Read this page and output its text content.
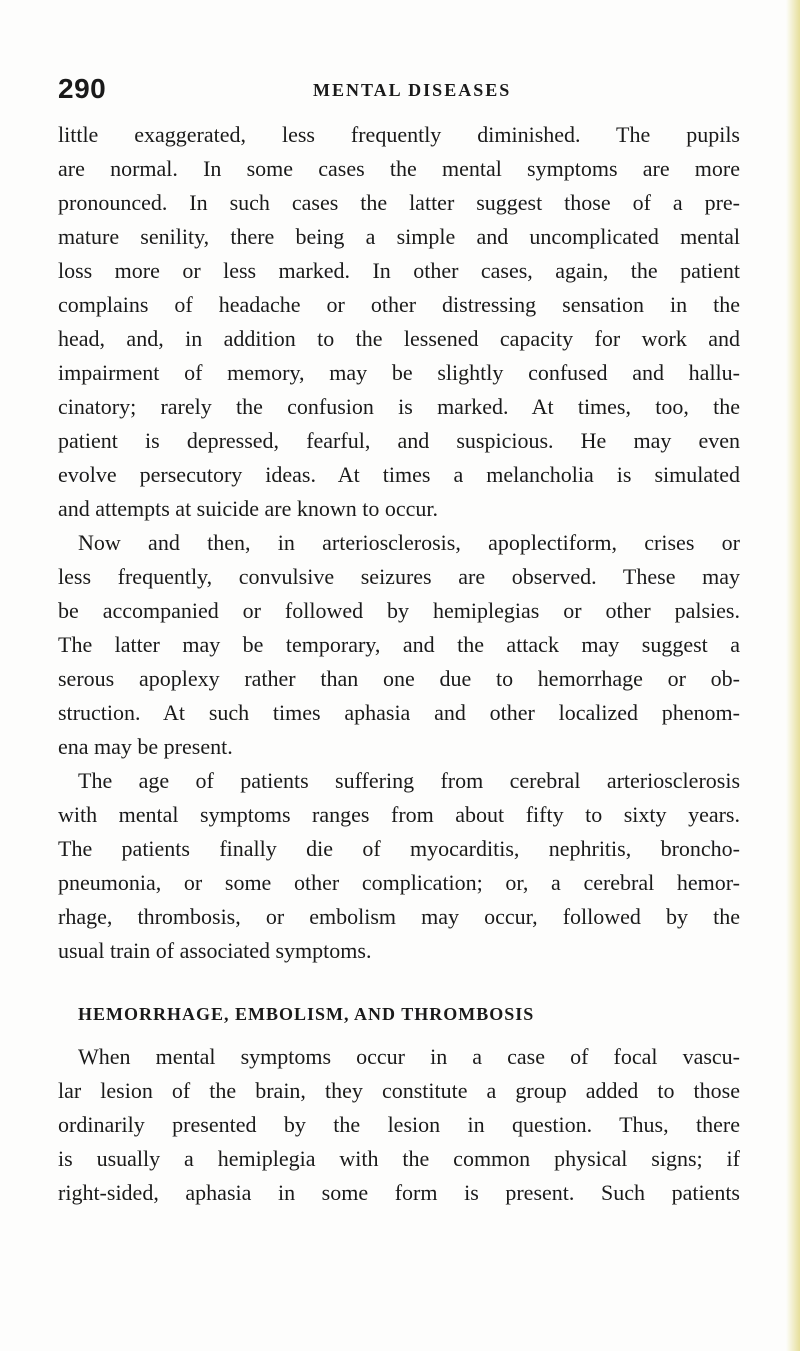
290	MENTAL DISEASES
little exaggerated, less frequently diminished. The pupils
are normal. In some cases the mental symptoms are more
pronounced. In such cases the latter suggest those of a pre-
mature senility, there being a simple and uncomplicated mental
loss more or less marked. In other cases, again, the patient
complains of headache or other distressing sensation in the
head, and, in addition to the lessened capacity for work and
impairment of memory, may be slightly confused and hallu-
cinatory; rarely the confusion is marked. At times, too, the
patient is depressed, fearful, and suspicious. He may even
evolve persecutory ideas. At times a melancholia is simulated
and attempts at suicide are known to occur.
Now and then, in arteriosclerosis, apoplectiform, crises or
less frequently, convulsive seizures are observed. These may
be accompanied or followed by hemiplegias or other palsies.
The latter may be temporary, and the attack may suggest a
serous apoplexy rather than one due to hemorrhage or ob-
struction. At such times aphasia and other localized phenom-
ena may be present.
The age of patients suffering from cerebral arteriosclerosis
with mental symptoms ranges from about fifty to sixty years.
The patients finally die of myocarditis, nephritis, broncho-
pneumonia, or some other complication; or, a cerebral hemor-
rhage, thrombosis, or embolism may occur, followed by the
usual train of associated symptoms.
HEMORRHAGE, EMBOLISM, AND THROMBOSIS
When mental symptoms occur in a case of focal vascu-
lar lesion of the brain, they constitute a group added to those
ordinarily presented by the lesion in question. Thus, there
is usually a hemiplegia with the common physical signs; if
right-sided, aphasia in some form is present. Such patients
